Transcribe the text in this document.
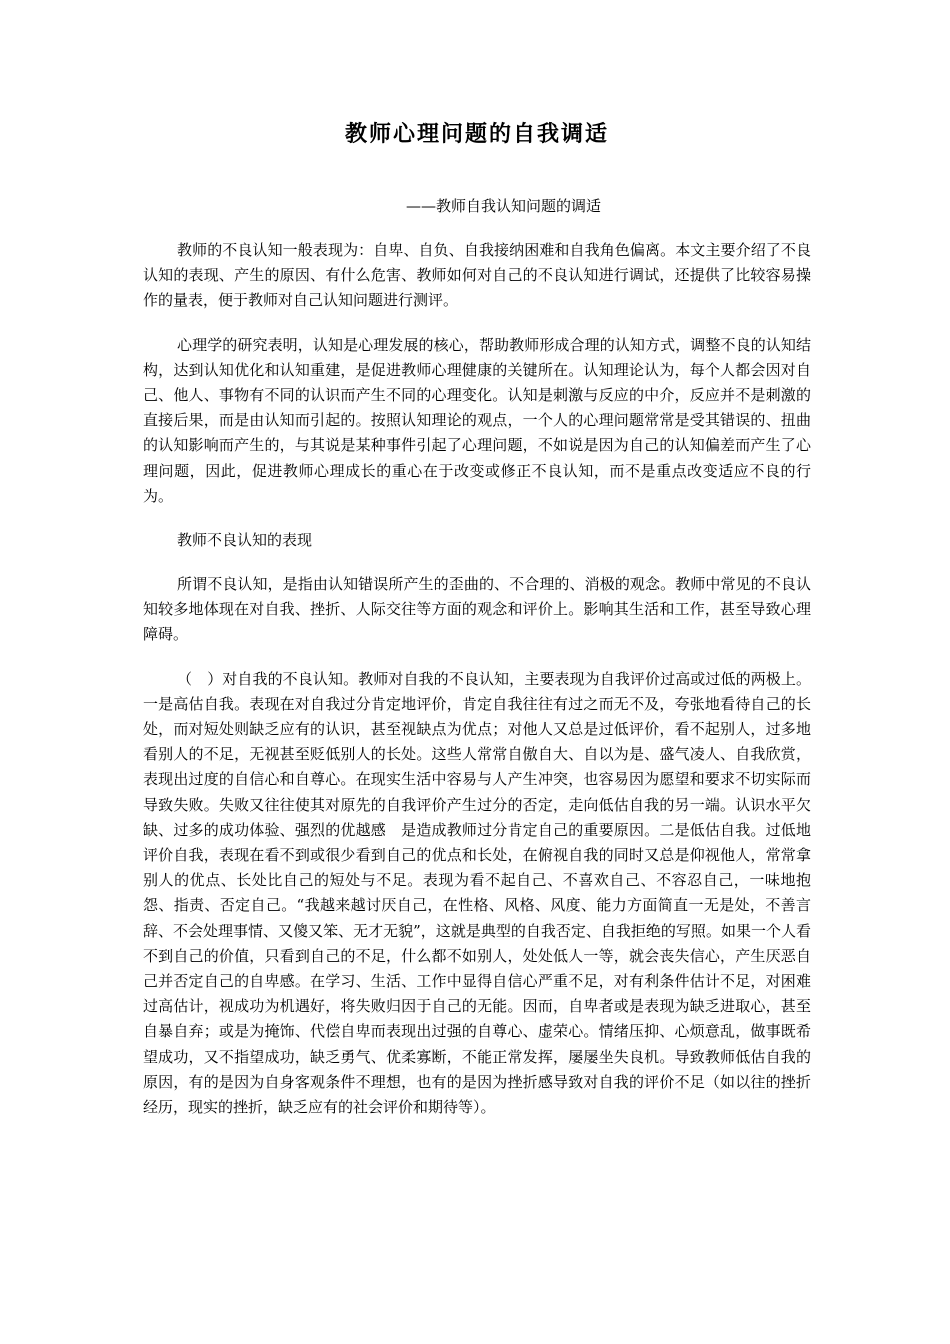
教师心理问题的自我调适
——教师自我认知问题的调适

教师的不良认知一般表现为：自卑、自负、自我接纳困难和自我角色偏离。本文主要介绍了不良认知的表现、产生的原因、有什么危害、教师如何对自己的不良认知进行调试，还提供了比较容易操作的量表，便于教师对自己认知问题进行测评。

心理学的研究表明，认知是心理发展的核心，帮助教师形成合理的认知方式，调整不良的认知结构，达到认知优化和认知重建，是促进教师心理健康的关键所在。认知理论认为，每个人都会因对自己、他人、事物有不同的认识而产生不同的心理变化。认知是刺激与反应的中介，反应并不是刺激的直接后果，而是由认知而引起的。按照认知理论的观点，一个人的心理问题常常是受其错误的、扭曲的认知影响而产生的，与其说是某种事件引起了心理问题，不如说是因为自己的认知偏差而产生了心理问题，因此，促进教师心理成长的重心在于改变或修正不良认知，而不是重点改变适应不良的行为。

教师不良认知的表现

所谓不良认知，是指由认知错误所产生的歪曲的、不合理的、消极的观念。教师中常见的不良认知较多地体现在对自我、挫折、人际交往等方面的观念和评价上。影响其生活和工作，甚至导致心理障碍。

（　）对自我的不良认知。教师对自我的不良认知，主要表现为自我评价过高或过低的两极上。一是高估自我。表现在对自我过分肯定地评价，肯定自我往往有过之而无不及，夸张地看待自己的长处，而对短处则缺乏应有的认识，甚至视缺点为优点；对他人又总是过低评价，看不起别人，过多地看别人的不足，无视甚至贬低别人的长处。这些人常常自傲自大、自以为是、盛气凌人、自我欣赏，表现出过度的自信心和自尊心。在现实生活中容易与人产生冲突，也容易因为愿望和要求不切实际而导致失败。失败又往往使其对原先的自我评价产生过分的否定，走向低估自我的另一端。认识水平欠缺、过多的成功体验、强烈的优越感　是造成教师过分肯定自己的重要原因。二是低估自我。过低地评价自我，表现在看不到或很少看到自己的优点和长处，在俯视自我的同时又总是仰视他人，常常拿别人的优点、长处比自己的短处与不足。表现为看不起自己、不喜欢自己、不容忍自己，一味地抱怨、指责、否定自己。“我越来越讨厌自己，在性格、风格、风度、能力方面简直一无是处，不善言辞、不会处理事情、又傻又笨、无才无貌”，这就是典型的自我否定、自我拒绝的写照。如果一个人看不到自己的价值，只看到自己的不足，什么都不如别人，处处低人一等，就会丧失信心，产生厌恶自己并否定自己的自卑感。在学习、生活、工作中显得自信心严重不足，对有利条件估计不足，对困难过高估计，视成功为机遇好，将失败归因于自己的无能。因而，自卑者或是表现为缺乏进取心，甚至自暴自弃；或是为掩饰、代偿自卑而表现出过强的自尊心、虚荣心。情绪压抑、心烦意乱，做事既希望成功，又不指望成功，缺乏勇气、优柔寡断，不能正常发挥，屡屡坐失良机。导致教师低估自我的原因，有的是因为自身客观条件不理想，也有的是因为挫折感导致对自我的评价不足（如以往的挫折经历，现实的挫折，缺乏应有的社会评价和期待等）。
